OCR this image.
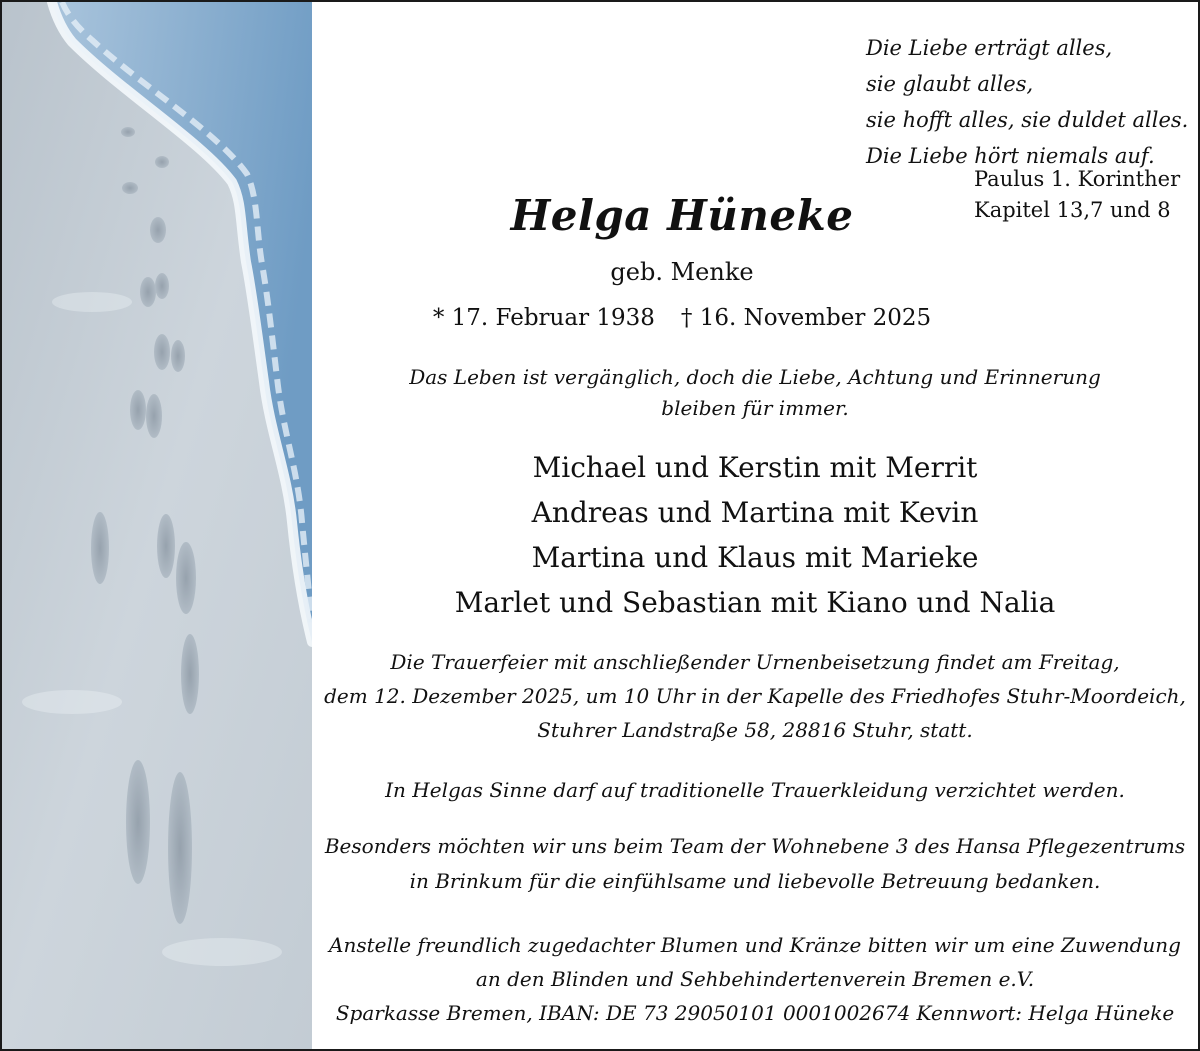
Die Liebe erträgt alles,
sie glaubt alles,
sie hofft alles, sie duldet alles.
Die Liebe hört niemals auf.
Paulus 1. Korinther
Kapitel 13,7 und 8
Helga Hüneke

geb. Menke

* 17. Februar 1938 † 16. November 2025

Das Leben ist vergänglich, doch die Liebe, Achtung und Erinnerung
bleiben für immer.

Michael und Kerstin mit Merrit
Andreas und Martina mit Kevin
Martina und Klaus mit Marieke
Marlet und Sebastian mit Kiano und Nalia

Die Trauerfeier mit anschließender Urnenbeisetzung findet am Freitag,
dem 12. Dezember 2025, um 10 Uhr in der Kapelle des Friedhofes Stuhr-Moordeich,
Stuhrer Landstraße 58, 28816 Stuhr, statt.

In Helgas Sinne darf auf traditionelle Trauerkleidung verzichtet werden.

Besonders möchten wir uns beim Team der Wohnebene 3 des Hansa Pflegezentrums
in Brinkum für die einfühlsame und liebevolle Betreuung bedanken.

Anstelle freundlich zugedachter Blumen und Kränze bitten wir um eine Zuwendung
an den Blinden und Sehbehindertenverein Bremen e.V.
Sparkasse Bremen, IBAN: DE 73 29050101 0001002674 Kennwort: Helga Hüneke
